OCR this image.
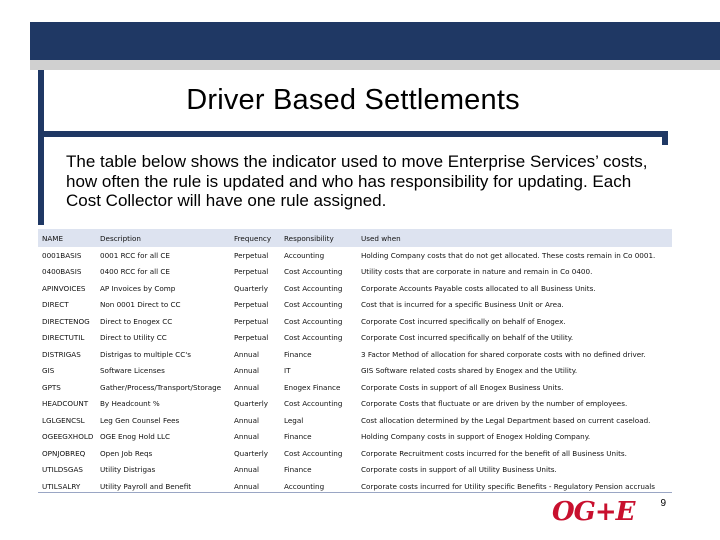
Driver Based Settlements
The table below shows the indicator used to move Enterprise Services’ costs, how often the rule is updated and who has responsibility for updating. Each Cost Collector will have one rule assigned.
NAME	Description	Frequency	Responsibility	Used when
0001BASIS	0001 RCC for all CE	Perpetual	Accounting	Holding Company costs that do not get allocated. These costs remain in Co 0001.
0400BASIS	0400 RCC for all CE	Perpetual	Cost Accounting	Utility costs that are corporate in nature and remain in Co 0400.
APINVOICES	AP Invoices by Comp	Quarterly	Cost Accounting	Corporate Accounts Payable costs allocated to all Business Units.
DIRECT	Non 0001 Direct to CC	Perpetual	Cost Accounting	Cost that is incurred for a specific Business Unit or Area.
DIRECTENOG	Direct to Enogex CC	Perpetual	Cost Accounting	Corporate Cost incurred specifically on behalf of Enogex.
DIRECTUTIL	Direct to Utility CC	Perpetual	Cost Accounting	Corporate Cost incurred specifically on behalf of the Utility.
DISTRIGAS	Distrigas to multiple CC's	Annual	Finance	3 Factor Method of allocation for shared corporate costs with no defined driver.
GIS	Software Licenses	Annual	IT	GIS Software related costs shared by Enogex and the Utility.
GPTS	Gather/Process/Transport/Storage	Annual	Enogex Finance	Corporate Costs in support of all Enogex Business Units.
HEADCOUNT	By Headcount %	Quarterly	Cost Accounting	Corporate Costs that fluctuate or are driven by the number of employees.
LGLGENCSL	Leg Gen Counsel Fees	Annual	Legal	Cost allocation determined by the Legal Department based on current caseload.
OGEEGXHOLD	OGE Enog Hold LLC	Annual	Finance	Holding Company costs in support of Enogex Holding Company.
OPNJOBREQ	Open Job Reqs	Quarterly	Cost Accounting	Corporate Recruitment costs incurred for the benefit of all Business Units.
UTILDSGAS	Utility Distrigas	Annual	Finance	Corporate costs in support of all Utility Business Units.
UTILSALRY	Utility Payroll and Benefit	Annual	Accounting	Corporate costs incurred for Utility specific Benefits - Regulatory Pension accruals
OG+E	9
